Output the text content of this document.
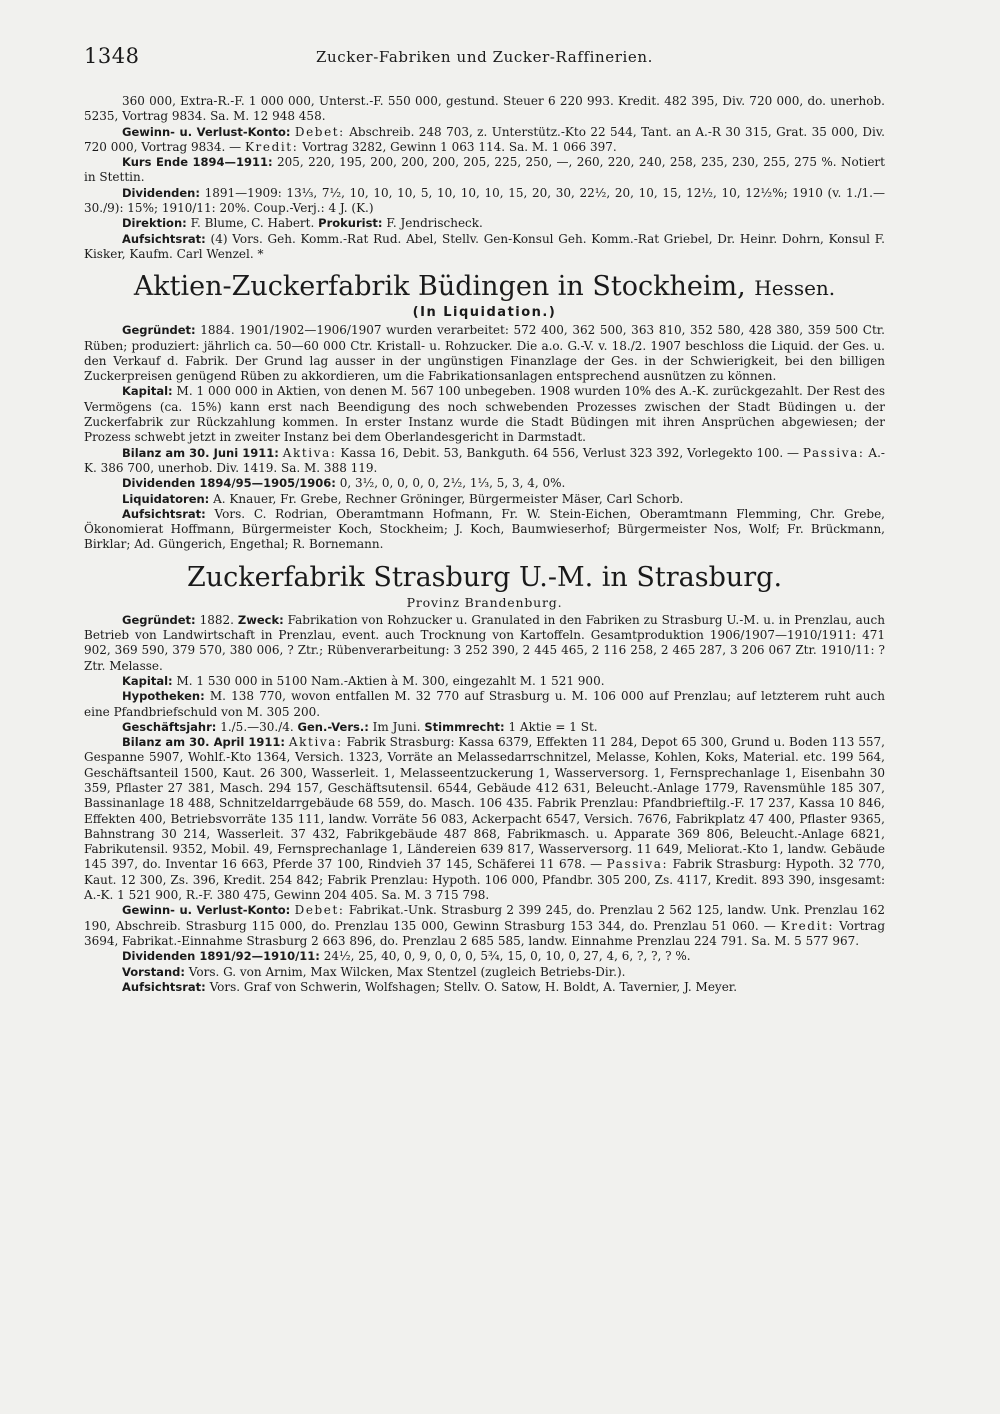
1348	Zucker-Fabriken und Zucker-Raffinerien.

360 000, Extra-R.-F. 1 000 000, Unterst.-F. 550 000, gestund. Steuer 6 220 993. Kredit. 482 395, Div. 720 000, do. unerhob. 5235, Vortrag 9834. Sa. M. 12 948 458.

Gewinn- u. Verlust-Konto: Debet: Abschreib. 248 703, z. Unterstütz.-Kto 22 544, Tant. an A.-R 30 315, Grat. 35 000, Div. 720 000, Vortrag 9834. — Kredit: Vortrag 3282, Gewinn 1 063 114. Sa. M. 1 066 397.

Kurs Ende 1894—1911: 205, 220, 195, 200, 200, 200, 205, 225, 250, —, 260, 220, 240, 258, 235, 230, 255, 275 %. Notiert in Stettin.

Dividenden: 1891—1909: 13⅓, 7½, 10, 10, 10, 5, 10, 10, 10, 15, 20, 30, 22½, 20, 10, 15, 12½, 10, 12½%; 1910 (v. 1./1.—30./9): 15%; 1910/11: 20%. Coup.-Verj.: 4 J. (K.)

Direktion: F. Blume, C. Habert. Prokurist: F. Jendrischeck.

Aufsichtsrat: (4) Vors. Geh. Komm.-Rat Rud. Abel, Stellv. Gen-Konsul Geh. Komm.-Rat Griebel, Dr. Heinr. Dohrn, Konsul F. Kisker, Kaufm. Carl Wenzel. *

Aktien-Zuckerfabrik Büdingen in Stockheim, Hessen.
(In Liquidation.)

Gegründet: 1884. 1901/1902—1906/1907 wurden verarbeitet: 572 400, 362 500, 363 810, 352 580, 428 380, 359 500 Ctr. Rüben; produziert: jährlich ca. 50—60 000 Ctr. Kristall- u. Rohzucker. Die a.o. G.-V. v. 18./2. 1907 beschloss die Liquid. der Ges. u. den Verkauf d. Fabrik. Der Grund lag ausser in der ungünstigen Finanzlage der Ges. in der Schwierigkeit, bei den billigen Zuckerpreisen genügend Rüben zu akkordieren, um die Fabrikationsanlagen entsprechend ausnützen zu können.

Kapital: M. 1 000 000 in Aktien, von denen M. 567 100 unbegeben. 1908 wurden 10% des A.-K. zurückgezahlt. Der Rest des Vermögens (ca. 15%) kann erst nach Beendigung des noch schwebenden Prozesses zwischen der Stadt Büdingen u. der Zuckerfabrik zur Rückzahlung kommen. In erster Instanz wurde die Stadt Büdingen mit ihren Ansprüchen abgewiesen; der Prozess schwebt jetzt in zweiter Instanz bei dem Oberlandesgericht in Darmstadt.

Bilanz am 30. Juni 1911: Aktiva: Kassa 16, Debit. 53, Bankguth. 64 556, Verlust 323 392, Vorlegekto 100. — Passiva: A.-K. 386 700, unerhob. Div. 1419. Sa. M. 388 119.

Dividenden 1894/95—1905/1906: 0, 3½, 0, 0, 0, 0, 2½, 1⅓, 5, 3, 4, 0%.

Liquidatoren: A. Knauer, Fr. Grebe, Rechner Gröninger, Bürgermeister Mäser, Carl Schorb.

Aufsichtsrat: Vors. C. Rodrian, Oberamtmann Hofmann, Fr. W. Stein-Eichen, Oberamtmann Flemming, Chr. Grebe, Ökonomierat Hoffmann, Bürgermeister Koch, Stockheim; J. Koch, Baumwieserhof; Bürgermeister Nos, Wolf; Fr. Brückmann, Birklar; Ad. Güngerich, Engethal; R. Bornemann.

Zuckerfabrik Strasburg U.-M. in Strasburg.
Provinz Brandenburg.

Gegründet: 1882. Zweck: Fabrikation von Rohzucker u. Granulated in den Fabriken zu Strasburg U.-M. u. in Prenzlau, auch Betrieb von Landwirtschaft in Prenzlau, event. auch Trocknung von Kartoffeln. Gesamtproduktion 1906/1907—1910/1911: 471 902, 369 590, 379 570, 380 006, ? Ztr.; Rübenverarbeitung: 3 252 390, 2 445 465, 2 116 258, 2 465 287, 3 206 067 Ztr. 1910/11: ? Ztr. Melasse.

Kapital: M. 1 530 000 in 5100 Nam.-Aktien à M. 300, eingezahlt M. 1 521 900.

Hypotheken: M. 138 770, wovon entfallen M. 32 770 auf Strasburg u. M. 106 000 auf Prenzlau; auf letzterem ruht auch eine Pfandbriefschuld von M. 305 200.

Geschäftsjahr: 1./5.—30./4. Gen.-Vers.: Im Juni. Stimmrecht: 1 Aktie = 1 St.

Bilanz am 30. April 1911: Aktiva: Fabrik Strasburg: Kassa 6379, Effekten 11 284, Depot 65 300, Grund u. Boden 113 557, Gespanne 5907, Wohlf.-Kto 1364, Versich. 1323, Vorräte an Melassedarrschnitzel, Melasse, Kohlen, Koks, Material. etc. 199 564, Geschäftsanteil 1500, Kaut. 26 300, Wasserleit. 1, Melasseentzuckerung 1, Wasserversorg. 1, Fernsprechanlage 1, Eisenbahn 30 359, Pflaster 27 381, Masch. 294 157, Geschäftsutensil. 6544, Gebäude 412 631, Beleucht.-Anlage 1779, Ravensmühle 185 307, Bassinanlage 18 488, Schnitzeldarrgebäude 68 559, do. Masch. 106 435. Fabrik Prenzlau: Pfandbrieftilg.-F. 17 237, Kassa 10 846, Effekten 400, Betriebsvorräte 135 111, landw. Vorräte 56 083, Ackerpacht 6547, Versich. 7676, Fabrikplatz 47 400, Pflaster 9365, Bahnstrang 30 214, Wasserleit. 37 432, Fabrikgebäude 487 868, Fabrikmasch. u. Apparate 369 806, Beleucht.-Anlage 6821, Fabrikutensil. 9352, Mobil. 49, Fernsprechanlage 1, Ländereien 639 817, Wasserversorg. 11 649, Meliorat.-Kto 1, landw. Gebäude 145 397, do. Inventar 16 663, Pferde 37 100, Rindvieh 37 145, Schäferei 11 678. — Passiva: Fabrik Strasburg: Hypoth. 32 770, Kaut. 12 300, Zs. 396, Kredit. 254 842; Fabrik Prenzlau: Hypoth. 106 000, Pfandbr. 305 200, Zs. 4117, Kredit. 893 390, insgesamt: A.-K. 1 521 900, R.-F. 380 475, Gewinn 204 405. Sa. M. 3 715 798.

Gewinn- u. Verlust-Konto: Debet: Fabrikat.-Unk. Strasburg 2 399 245, do. Prenzlau 2 562 125, landw. Unk. Prenzlau 162 190, Abschreib. Strasburg 115 000, do. Prenzlau 135 000, Gewinn Strasburg 153 344, do. Prenzlau 51 060. — Kredit: Vortrag 3694, Fabrikat.-Einnahme Strasburg 2 663 896, do. Prenzlau 2 685 585, landw. Einnahme Prenzlau 224 791. Sa. M. 5 577 967.

Dividenden 1891/92—1910/11: 24½, 25, 40, 0, 9, 0, 0, 0, 5¾, 15, 0, 10, 0, 27, 4, 6, ?, ?, ? %.

Vorstand: Vors. G. von Arnim, Max Wilcken, Max Stentzel (zugleich Betriebs-Dir.).

Aufsichtsrat: Vors. Graf von Schwerin, Wolfshagen; Stellv. O. Satow, H. Boldt, A. Tavernier, J. Meyer.
